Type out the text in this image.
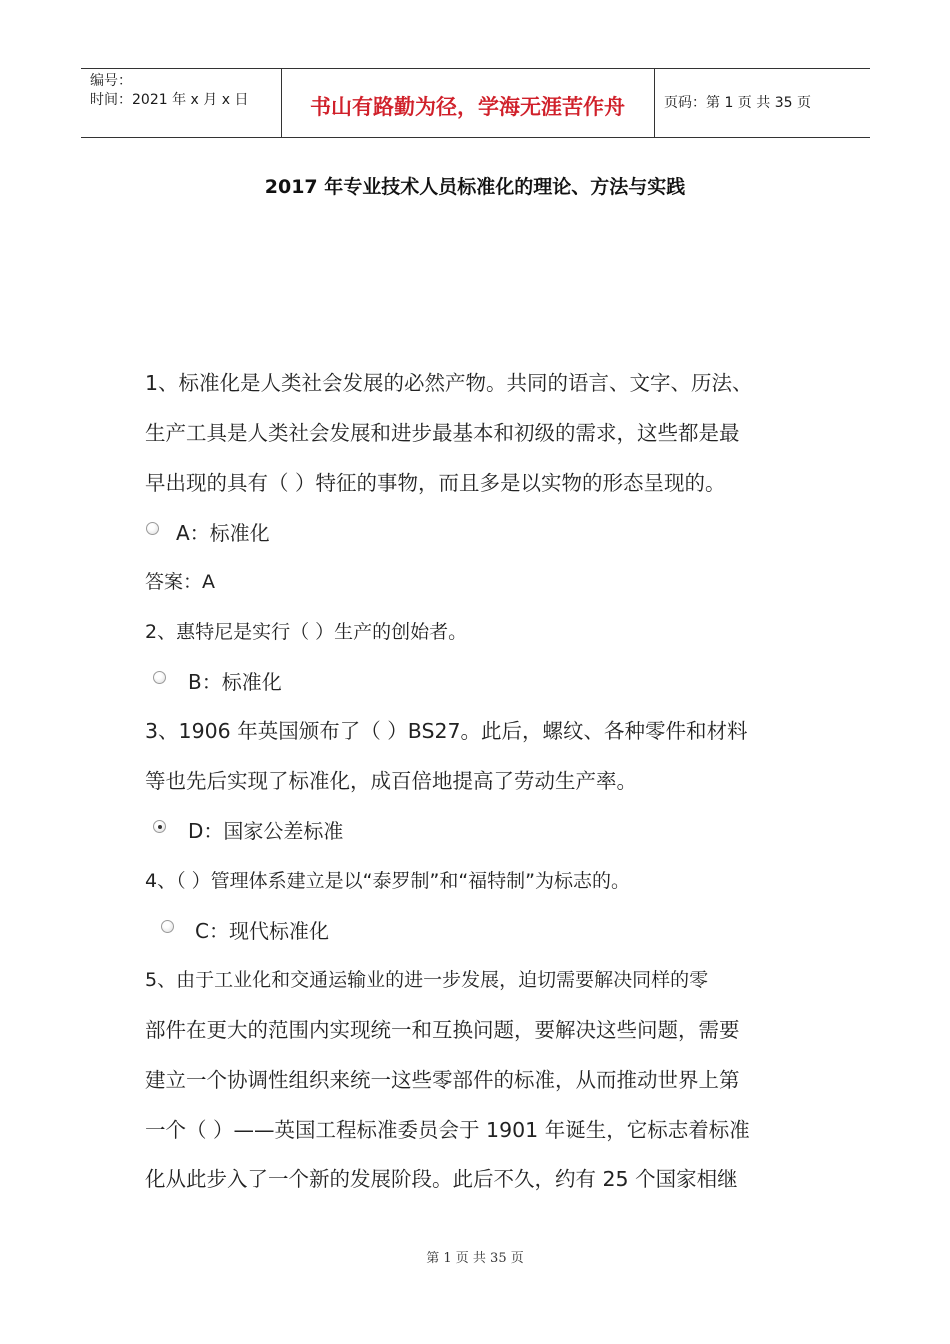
编号：
时间：2021 年 x 月 x 日	书山有路勤为径，学海无涯苦作舟	页码：第 1 页 共 35 页
2017 年专业技术人员标准化的理论、方法与实践
1、标准化是人类社会发展的必然产物。共同的语言、文字、历法、
生产工具是人类社会发展和进步最基本和初级的需求，这些都是最
早出现的具有（ ）特征的事物，而且多是以实物的形态呈现的。
A：标准化
答案：A
2、惠特尼是实行（ ）生产的创始者。
B：标准化
3、1906 年英国颁布了（ ）BS27。此后，螺纹、各种零件和材料
等也先后实现了标准化，成百倍地提高了劳动生产率。
D：国家公差标准
4、（ ）管理体系建立是以“泰罗制”和“福特制”为标志的。
C：现代标准化
5、由于工业化和交通运输业的进一步发展，迫切需要解决同样的零
部件在更大的范围内实现统一和互换问题，要解决这些问题，需要
建立一个协调性组织来统一这些零部件的标准，从而推动世界上第
一个（ ）——英国工程标准委员会于 1901 年诞生，它标志着标准
化从此步入了一个新的发展阶段。此后不久，约有 25 个国家相继
第 1 页 共 35 页
